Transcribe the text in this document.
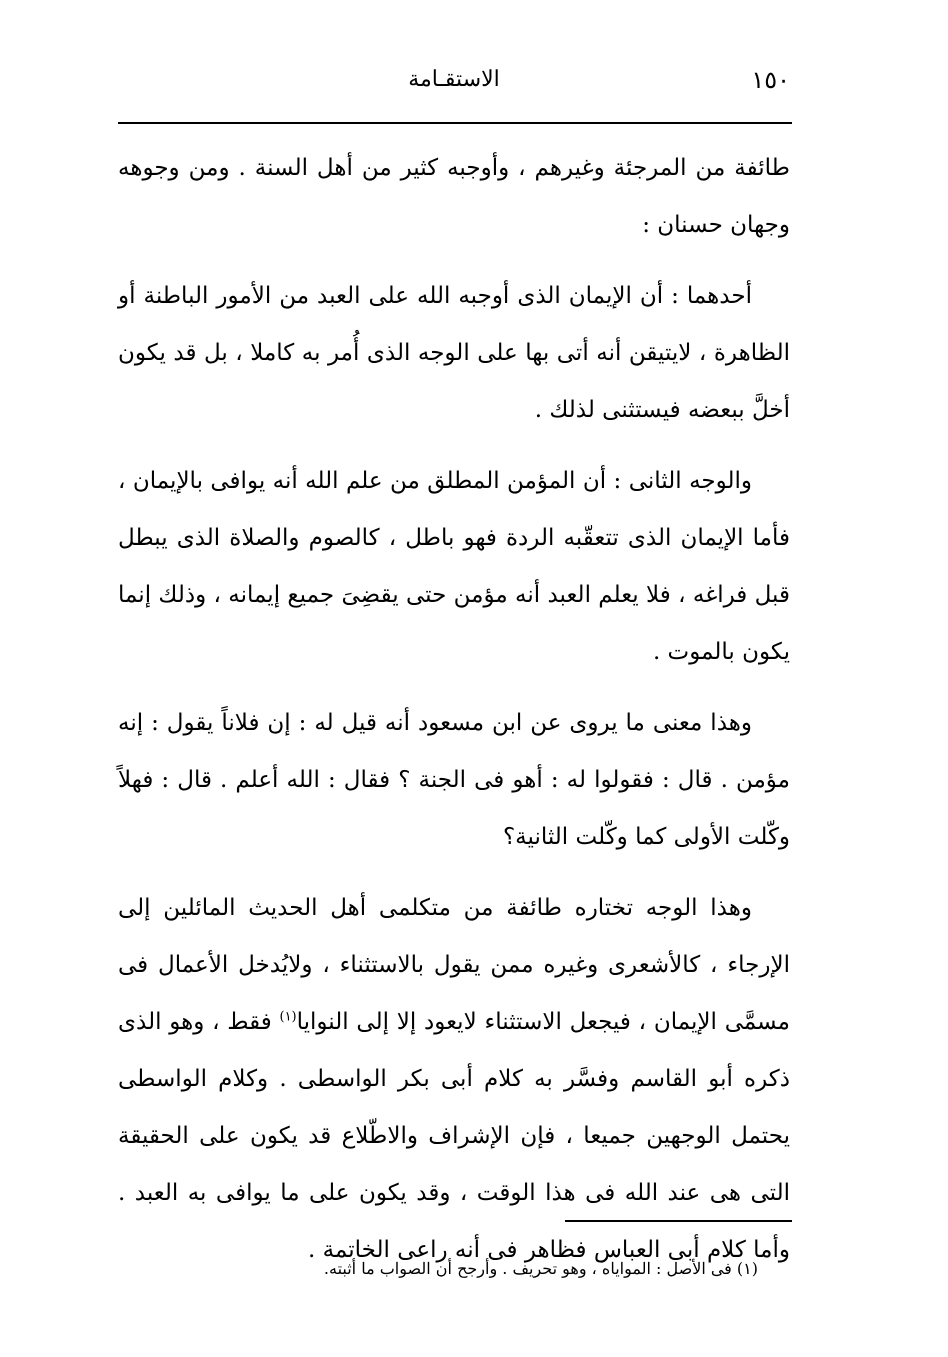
١٥٠
الاستقـامة

طائفة من المرجئة وغيرهم ، وأوجبه كثير من أهل السنة . ومن وجوهه وجهان حسنان :

أحدهما : أن الإيمان الذى أوجبه الله على العبد من الأمور الباطنة أو الظاهرة ، لايتيقن أنه أتى بها على الوجه الذى أُمر به كاملا ، بل قد يكون أخلَّ ببعضه فيستثنى لذلك .

والوجه الثانى : أن المؤمن المطلق من علم الله أنه يوافى بالإيمان ، فأما الإيمان الذى تتعقّبه الردة فهو باطل ، كالصوم والصلاة الذى يبطل قبل فراغه ، فلا يعلم العبد أنه مؤمن حتى يقضِىَ جميع إيمانه ، وذلك إنما يكون بالموت .

وهذا معنى ما يروى عن ابن مسعود أنه قيل له : إن فلاناً يقول : إنه مؤمن . قال : فقولوا له : أهو فى الجنة ؟ فقال : الله أعلم . قال : فهلاً وكّلت الأولى كما وكّلت الثانية؟

وهذا الوجه تختاره طائفة من متكلمى أهل الحديث المائلين إلى الإرجاء ، كالأشعرى وغيره ممن يقول بالاستثناء ، ولايُدخل الأعمال فى مسمَّى الإيمان ، فيجعل الاستثناء لايعود إلا إلى النوايا$^{(١)}$ فقط ، وهو الذى ذكره أبو القاسم وفسَّر به كلام أبى بكر الواسطى . وكلام الواسطى يحتمل الوجهين جميعا ، فإن الإشراف والاطّلاع قد يكون على الحقيقة التى هى عند الله فى هذا الوقت ، وقد يكون على ما يوافى به العبد . وأما كلام أبى العباس فظاهر فى أنه راعى الخاتمة .

(١) فى الأصل : المواياه ، وهو تحريف . وأرجح أن الصواب ما أثبته.
